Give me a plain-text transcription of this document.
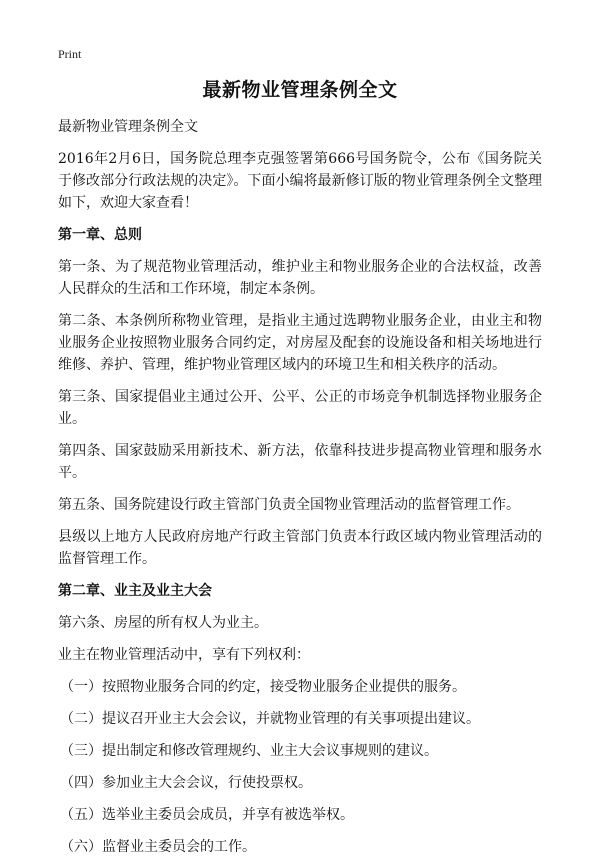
Print
最新物业管理条例全文
最新物业管理条例全文

2016年2月6日，国务院总理李克强签署第666号国务院令，公布《国务院关于修改部分行政法规的决定》。下面小编将最新修订版的物业管理条例全文整理如下，欢迎大家查看！

第一章、总则

第一条、为了规范物业管理活动，维护业主和物业服务企业的合法权益，改善人民群众的生活和工作环境，制定本条例。

第二条、本条例所称物业管理，是指业主通过选聘物业服务企业，由业主和物业服务企业按照物业服务合同约定，对房屋及配套的设施设备和相关场地进行维修、养护、管理，维护物业管理区域内的环境卫生和相关秩序的活动。

第三条、国家提倡业主通过公开、公平、公正的市场竞争机制选择物业服务企业。

第四条、国家鼓励采用新技术、新方法，依靠科技进步提高物业管理和服务水平。

第五条、国务院建设行政主管部门负责全国物业管理活动的监督管理工作。

县级以上地方人民政府房地产行政主管部门负责本行政区域内物业管理活动的监督管理工作。

第二章、业主及业主大会

第六条、房屋的所有权人为业主。

业主在物业管理活动中，享有下列权利：

（一）按照物业服务合同的约定，接受物业服务企业提供的服务。
（二）提议召开业主大会会议，并就物业管理的有关事项提出建议。
（三）提出制定和修改管理规约、业主大会议事规则的建议。
（四）参加业主大会会议，行使投票权。
（五）选举业主委员会成员，并享有被选举权。
（六）监督业主委员会的工作。
